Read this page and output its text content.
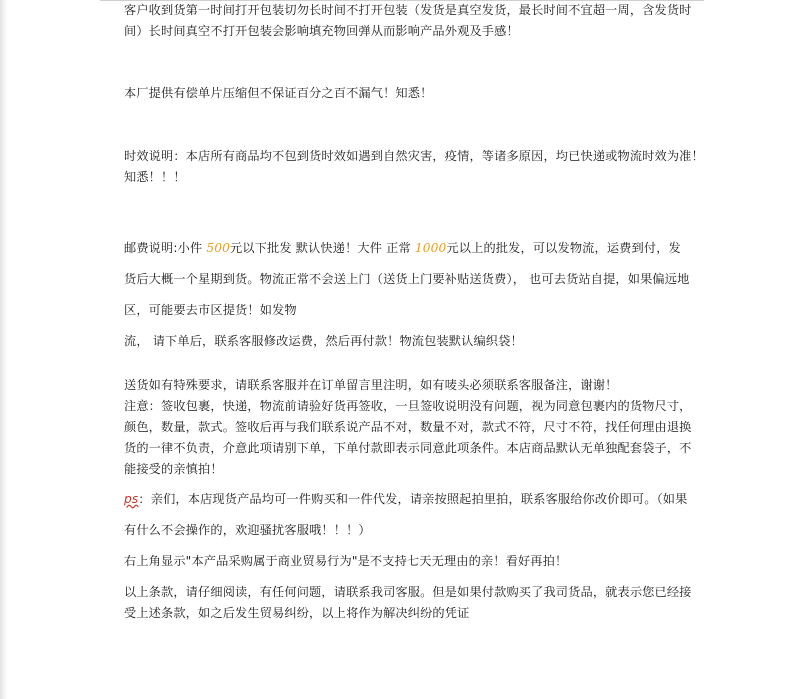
客户收到货第一时间打开包装切勿长时间不打开包装（发货是真空发货，最长时间不宜超一周，含发货时
间）长时间真空不打开包装会影响填充物回弹从而影响产品外观及手感！
本厂提供有偿单片压缩但不保证百分之百不漏气！知悉！
时效说明：本店所有商品均不包到货时效如遇到自然灾害，疫情，等诸多原因，均已快递或物流时效为准！
知悉！！！
邮费说明:小件 500元以下批发 默认快递！大件 正常 1000元以上的批发，可以发物流，运费到付，发
货后大概一个星期到货。物流正常不会送上门（送货上门要补贴送货费）， 也可去货站自提，如果偏远地
区，可能要去市区提货！如发物
流， 请下单后，联系客服修改运费，然后再付款！物流包装默认编织袋！
送货如有特殊要求，请联系客服并在订单留言里注明，如有唛头必须联系客服备注，谢谢！
注意：签收包裹，快递，物流前请验好货再签收，一旦签收说明没有问题，视为同意包裹内的货物尺寸，
颜色，数量，款式。签收后再与我们联系说产品不对，数量不对，款式不符，尺寸不符，找任何理由退换
货的一律不负责，介意此项请别下单，下单付款即表示同意此项条件。本店商品默认无单独配套袋子，不
能接受的亲慎拍！
ps：亲们，本店现货产品均可一件购买和一件代发，请亲按照起拍里拍，联系客服给你改价即可。（如果
有什么不会操作的，欢迎骚扰客服哦！！！）
右上角显示"本产品采购属于商业贸易行为"是不支持七天无理由的亲！看好再拍！
以上条款，请仔细阅读，有任何问题，请联系我司客服。但是如果付款购买了我司货品，就表示您已经接
受上述条款，如之后发生贸易纠纷，以上将作为解决纠纷的凭证
